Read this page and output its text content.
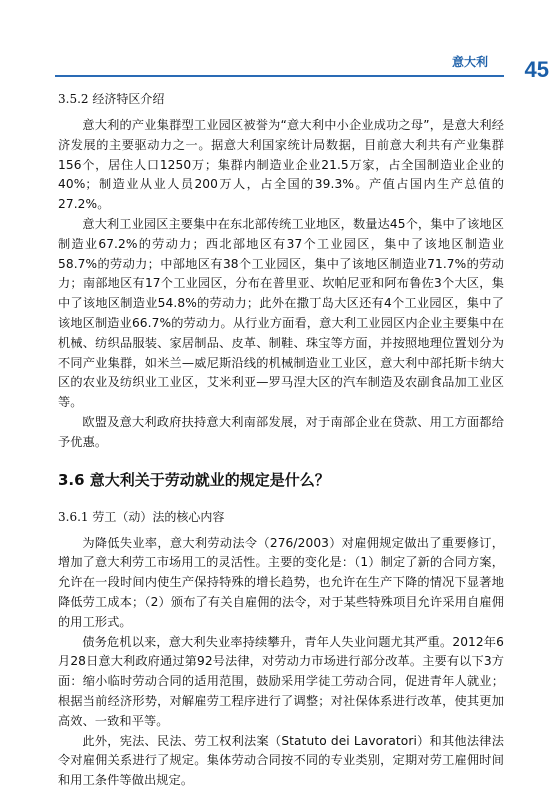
意大利 45
3.5.2 经济特区介绍

意大利的产业集群型工业园区被誉为“意大利中小企业成功之母”，是意大利经济发展的主要驱动力之一。据意大利国家统计局数据，目前意大利共有产业集群156个，居住人口1250万；集群内制造业企业21.5万家，占全国制造业企业的40%；制造业从业人员200万人，占全国的39.3%。产值占国内生产总值的27.2%。

意大利工业园区主要集中在东北部传统工业地区，数量达45个，集中了该地区制造业67.2%的劳动力；西北部地区有37个工业园区，集中了该地区制造业58.7%的劳动力；中部地区有38个工业园区，集中了该地区制造业71.7%的劳动力；南部地区有17个工业园区，分布在普里亚、坎帕尼亚和阿布鲁佐3个大区，集中了该地区制造业54.8%的劳动力；此外在撒丁岛大区还有4个工业园区，集中了该地区制造业66.7%的劳动力。从行业方面看，意大利工业园区内企业主要集中在机械、纺织品服装、家居制品、皮革、制鞋、珠宝等方面，并按照地理位置划分为不同产业集群，如米兰—威尼斯沿线的机械制造业工业区，意大利中部托斯卡纳大区的农业及纺织业工业区，艾米利亚—罗马涅大区的汽车制造及农副食品加工业区等。

欧盟及意大利政府扶持意大利南部发展，对于南部企业在贷款、用工方面都给予优惠。

3.6 意大利关于劳动就业的规定是什么？
3.6.1 劳工（动）法的核心内容

为降低失业率，意大利劳动法令（276/2003）对雇佣规定做出了重要修订，增加了意大利劳工市场用工的灵活性。主要的变化是：（1）制定了新的合同方案，允许在一段时间内使生产保持特殊的增长趋势，也允许在生产下降的情况下显著地降低劳工成本；（2）颁布了有关自雇佣的法令，对于某些特殊项目允许采用自雇佣的用工形式。

债务危机以来，意大利失业率持续攀升，青年人失业问题尤其严重。2012年6月28日意大利政府通过第92号法律，对劳动力市场进行部分改革。主要有以下3方面：缩小临时劳动合同的适用范围，鼓励采用学徒工劳动合同，促进青年人就业；根据当前经济形势，对解雇劳工程序进行了调整；对社保体系进行改革，使其更加高效、一致和平等。

此外，宪法、民法、劳工权利法案（Statuto dei Lavoratori）和其他法律法令对雇佣关系进行了规定。集体劳动合同按不同的专业类别，定期对劳工雇佣时间和用工条件等做出规定。
